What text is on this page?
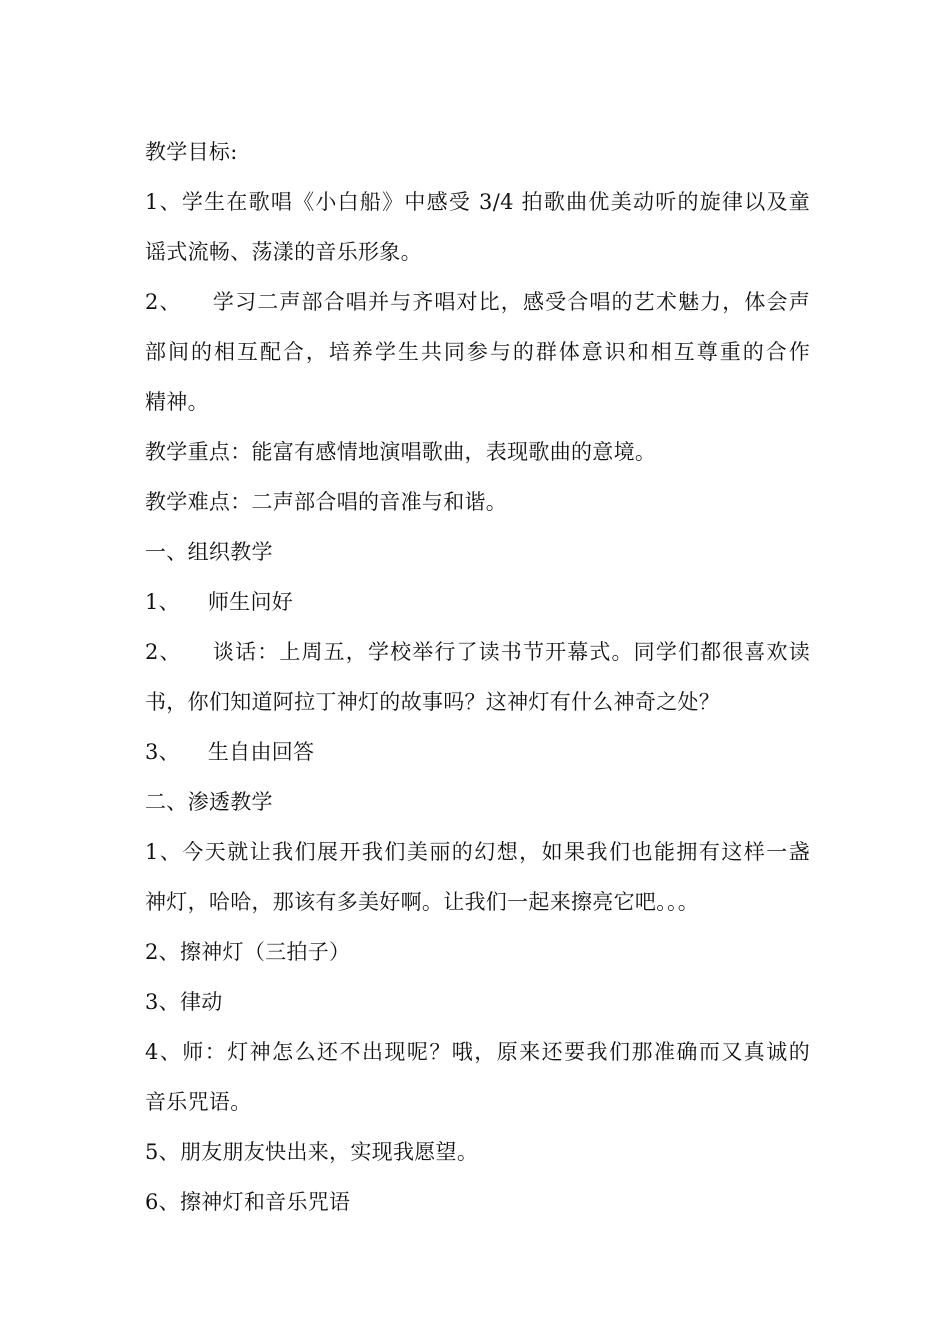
教学目标:
1、学生在歌唱《小白船》中感受 3/4 拍歌曲优美动听的旋律以及童
谣式流畅、荡漾的音乐形象。
2、    学习二声部合唱并与齐唱对比，感受合唱的艺术魅力，体会声
部间的相互配合，培养学生共同参与的群体意识和相互尊重的合作
精神。
教学重点：能富有感情地演唱歌曲，表现歌曲的意境。
教学难点：二声部合唱的音准与和谐。
一、组织教学
1、    师生问好
2、    谈话：上周五，学校举行了读书节开幕式。同学们都很喜欢读
书，你们知道阿拉丁神灯的故事吗？这神灯有什么神奇之处？
3、    生自由回答
二、渗透教学
1、今天就让我们展开我们美丽的幻想，如果我们也能拥有这样一盏
神灯，哈哈，那该有多美好啊。让我们一起来擦亮它吧。。。
2、擦神灯（三拍子）
3、律动
4、师：灯神怎么还不出现呢？哦，原来还要我们那准确而又真诚的
音乐咒语。
5、朋友朋友快出来，实现我愿望。
6、擦神灯和音乐咒语
